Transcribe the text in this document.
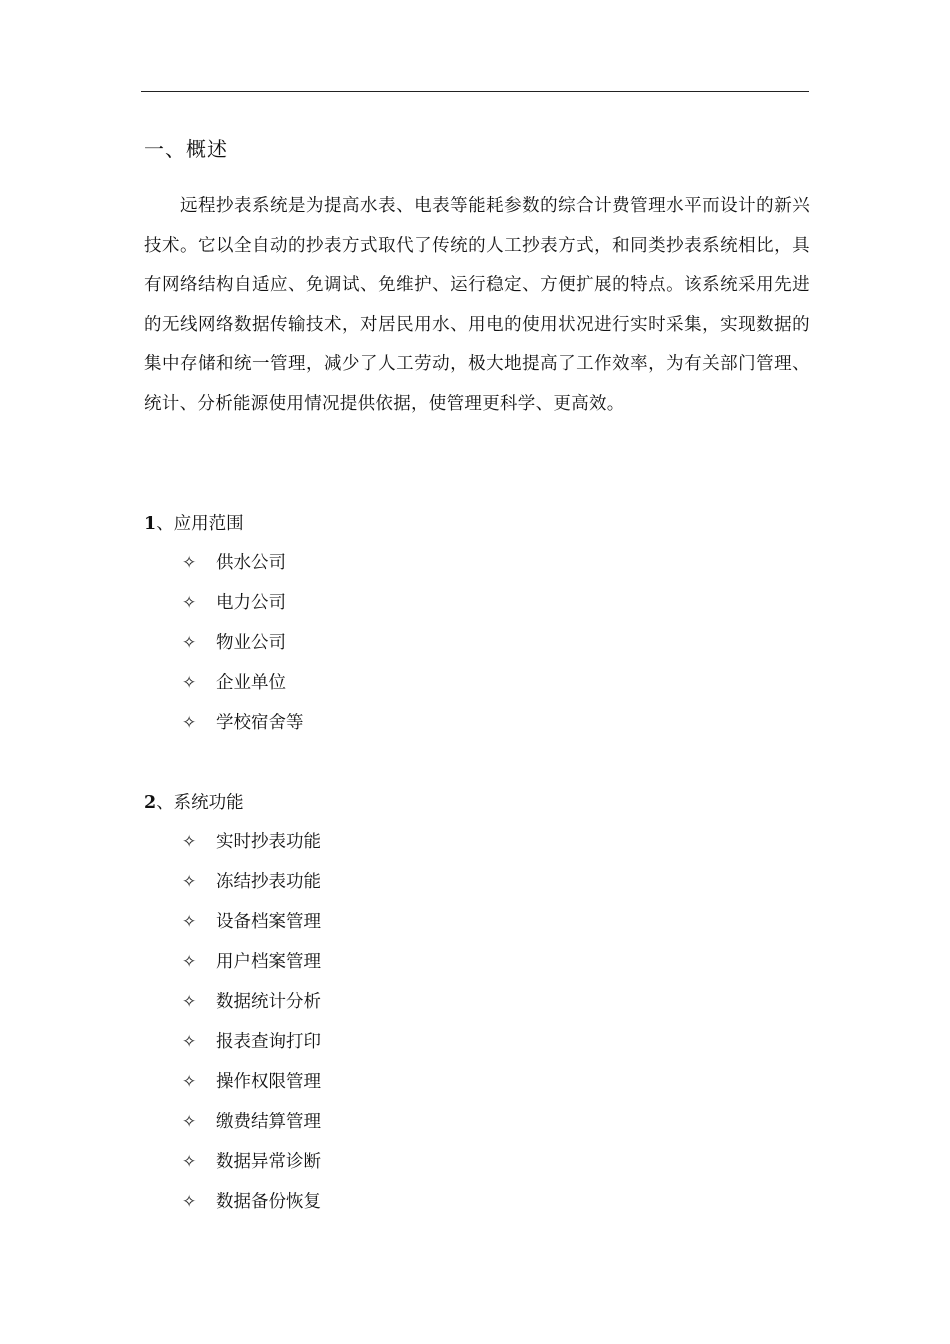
一、概述

远程抄表系统是为提高水表、电表等能耗参数的综合计费管理水平而设计的新兴技术。它以全自动的抄表方式取代了传统的人工抄表方式，和同类抄表系统相比，具有网络结构自适应、免调试、免维护、运行稳定、方便扩展的特点。该系统采用先进的无线网络数据传输技术，对居民用水、用电的使用状况进行实时采集，实现数据的集中存储和统一管理，减少了人工劳动，极大地提高了工作效率，为有关部门管理、统计、分析能源使用情况提供依据，使管理更科学、更高效。

1、应用范围
✧	供水公司
✧	电力公司
✧	物业公司
✧	企业单位
✧	学校宿舍等
2、系统功能
✧	实时抄表功能
✧	冻结抄表功能
✧	设备档案管理
✧	用户档案管理
✧	数据统计分析
✧	报表查询打印
✧	操作权限管理
✧	缴费结算管理
✧	数据异常诊断
✧	数据备份恢复
